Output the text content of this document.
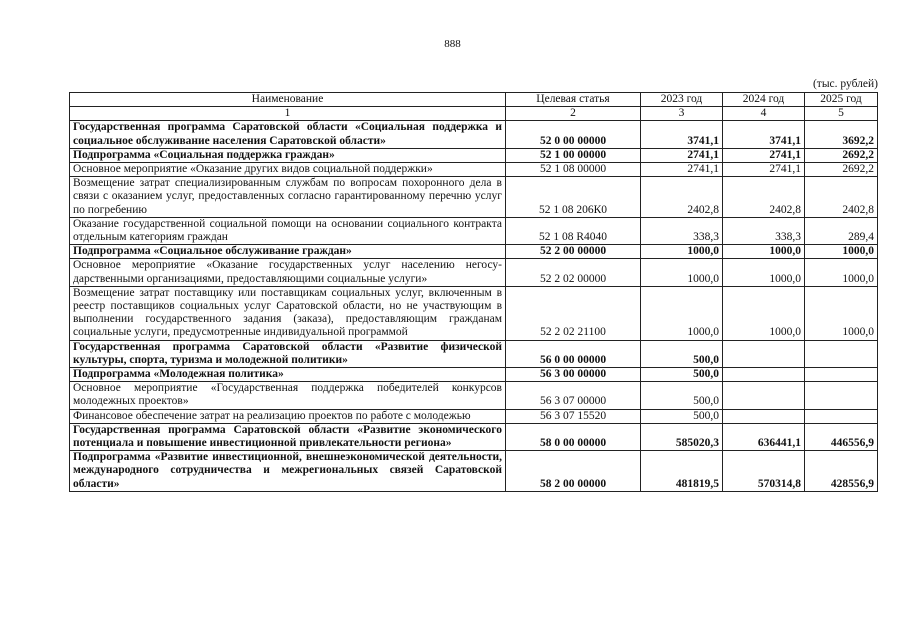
888
(тыс. рублей)
Наименование	Целевая статья	2023 год	2024 год	2025 год
1	2	3	4	5
Государственная программа Саратовской области «Социальная поддержка и социальное обслуживание населения Саратовской области»	52 0 00 00000	3741,1	3741,1	3692,2
Подпрограмма «Социальная поддержка граждан»	52 1 00 00000	2741,1	2741,1	2692,2
Основное мероприятие «Оказание других видов социальной поддержки»	52 1 08 00000	2741,1	2741,1	2692,2
Возмещение затрат специализированным службам по вопросам похоронного дела в связи с оказанием услуг, предоставленных согласно гарантированному перечню услуг по погребению	52 1 08 206К0	2402,8	2402,8	2402,8
Оказание государственной социальной помощи на основании социального контракта отдельным категориям граждан	52 1 08 R4040	338,3	338,3	289,4
Подпрограмма «Социальное обслуживание граждан»	52 2 00 00000	1000,0	1000,0	1000,0
Основное мероприятие «Оказание государственных услуг населению негосударственными организациями, предоставляющими социальные услуги»	52 2 02 00000	1000,0	1000,0	1000,0
Возмещение затрат поставщику или поставщикам социальных услуг, включенным в реестр поставщиков социальных услуг Саратовской области, но не участвующим в выполнении государственного задания (заказа), предоставляющим гражданам социальные услуги, предусмотренные индивидуальной программой	52 2 02 21100	1000,0	1000,0	1000,0
Государственная программа Саратовской области «Развитие физической культуры, спорта, туризма и молодежной политики»	56 0 00 00000	500,0		
Подпрограмма «Молодежная политика»	56 3 00 00000	500,0		
Основное мероприятие «Государственная поддержка победителей конкурсов молодежных проектов»	56 3 07 00000	500,0		
Финансовое обеспечение затрат на реализацию проектов по работе с молодежью	56 3 07 15520	500,0		
Государственная программа Саратовской области «Развитие экономического потенциала и повышение инвестиционной привлекательности региона»	58 0 00 00000	585020,3	636441,1	446556,9
Подпрограмма «Развитие инвестиционной, внешнеэкономической деятельности, международного сотрудничества и межрегиональных связей Саратовской области»	58 2 00 00000	481819,5	570314,8	428556,9
